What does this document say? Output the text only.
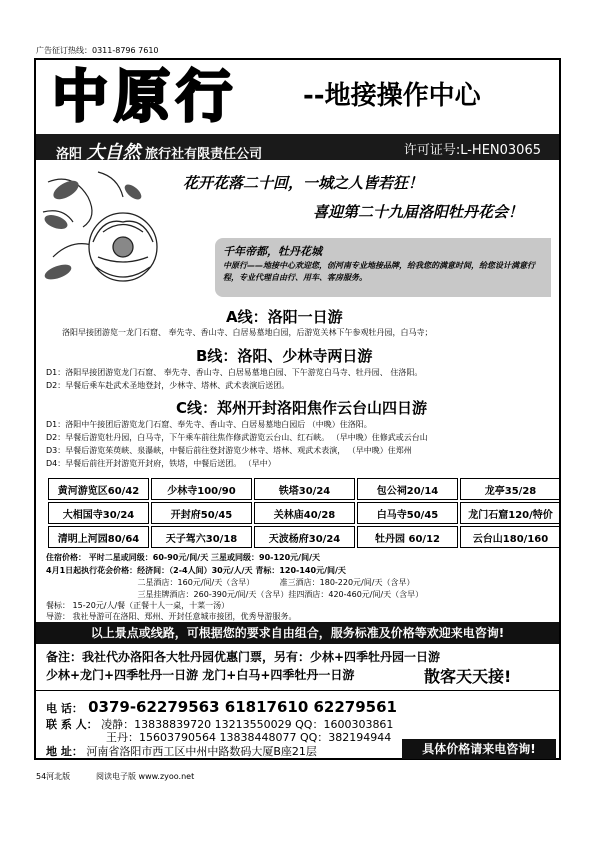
广告征订热线：0311-8796 7610
中原行	--地接操作中心
洛阳 大自然 旅行社有限责任公司	许可证号:L-HEN03065
花开花落二十回，一城之人皆若狂！
喜迎第二十九届洛阳牡丹花会！
千年帝都，牡丹花城
中原行——地接中心欢迎您，创河南专业地接品牌，给我您的满意时间，给您设计满意行程，专业代理自由行、用车、客房服务。
A线：洛阳一日游
洛阳早接团游览一龙门石窟、 奉先寺、香山寺、白居易墓地白园，后游览关林下午参观牡丹园，白马寺；
B线：洛阳、少林寺两日游
D1：洛阳早接团游览龙门石窟、 奉先寺、香山寺、白居易墓地白园、下午游览白马寺、牡丹园、 住洛阳。
D2：早餐后乘车赴武术圣地登封，少林寺、塔林、武术表演后送团。
C线：郑州开封洛阳焦作云台山四日游
D1：洛阳中午接团后游览龙门石窟、奉先寺、香山寺、白居易墓地白园后 （中晚）住洛阳。
D2：早餐后游览牡丹园，白马寺，下午乘车前往焦作修武游览云台山、红石峡。 （早中晚）住修武或云台山
D3：早餐后游览茱萸峡、泉瀑峡，中餐后前往登封游览少林寺、塔林、观武术表演， （早中晚）住郑州
D4：早餐后前往开封游览开封府，铁塔，中餐后送团。 （早中）
黄河游览区60/42	少林寺100/90	铁塔30/24	包公祠20/14	龙亭35/28
大相国寺30/24	开封府50/45	关林庙40/28	白马寺50/45	龙门石窟120/特价
清明上河园80/64	天子驾六30/18	天波杨府30/24	牡丹园 60/12	云台山180/160
住宿价格： 平时二星或同级：60-90元/间/天 三星或同级：90-120元/间/天
4月1日起执行花会价格：经济间：（2-4人间）30元/人/天 青标：120-140元/间/天
二星酒店：160元/间/天（含早）          准三酒店：180-220元/间/天（含早）
三星挂牌酒店：260-390元/间/天（含早）挂四酒店：420-460元/间/天（含早）
餐标： 15-20元/人/餐（正餐十人一桌，十菜一汤）
导游： 我社导游可在洛阳、郑州、开封任意城市接团，优秀导游服务。
以上景点或线路，可根据您的要求自由组合，服务标准及价格等欢迎来电咨询!
备注：我社代办洛阳各大牡丹园优惠门票，另有：少林+四季牡丹园一日游
少林+龙门+四季牡丹一日游 龙门+白马+四季牡丹一日游	散客天天接!
电 话： 0379-62279563 61817610 62279561
联 系 人： 凌静：13838839720 13213550029 QQ：1600303861
王丹：15603790564 13838448077 QQ：382194944
地 址： 河南省洛阳市西工区中州中路数码大厦B座21层	具体价格请来电咨询!
54河北版	阅读电子版 www.zyoo.net
